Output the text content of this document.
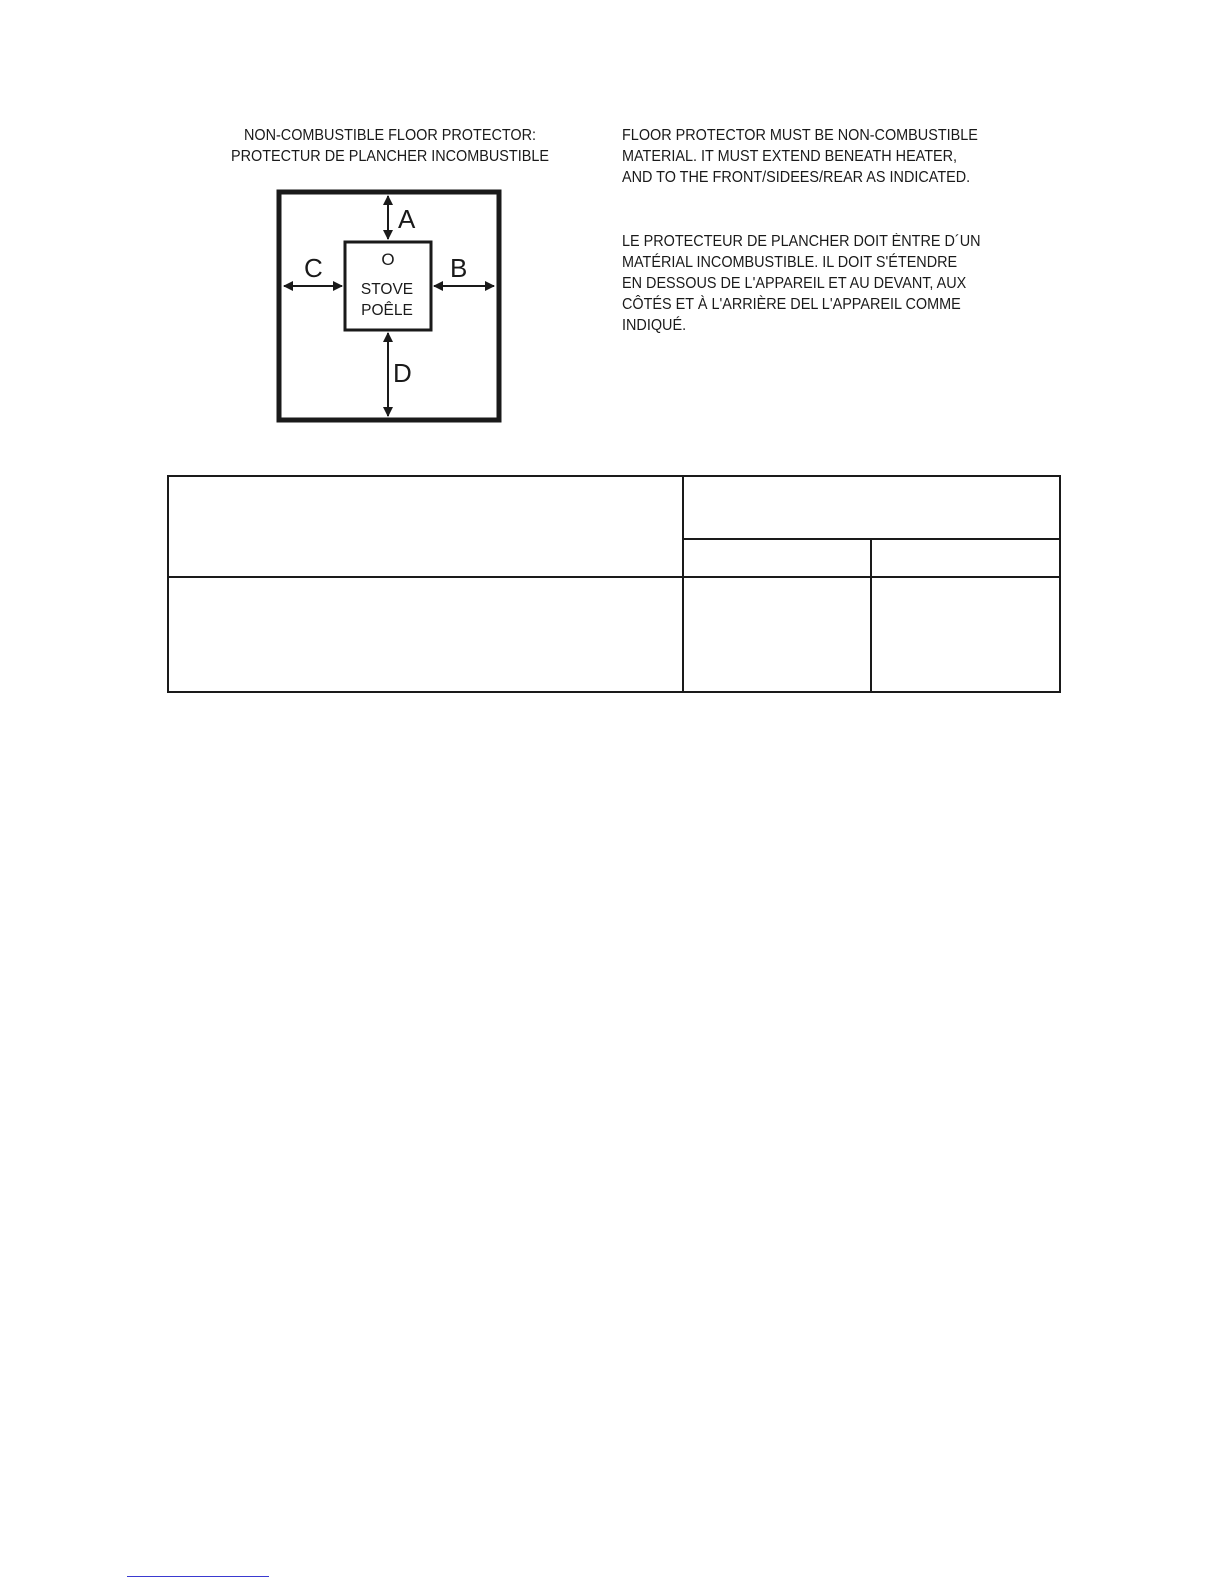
NON-COMBUSTIBLE FLOOR PROTECTOR:
PROTECTUR DE PLANCHER INCOMBUSTIBLE
O
STOVE
POÊLE
A
D
C	B
FLOOR PROTECTOR MUST BE NON-COMBUSTIBLE
MATERIAL. IT MUST EXTEND BENEATH HEATER,
AND TO THE FRONT/SIDEES/REAR AS INDICATED.
LE PROTECTEUR DE PLANCHER DOIT ÈNTRE D´UN
MATÉRIAL INCOMBUSTIBLE. IL DOIT S'ÉTENDRE
EN DESSOUS DE L'APPAREIL ET AU DEVANT, AUX
CÔTÉS ET À L'ARRIÈRE DEL L'APPAREIL COMME
INDIQUÉ.
